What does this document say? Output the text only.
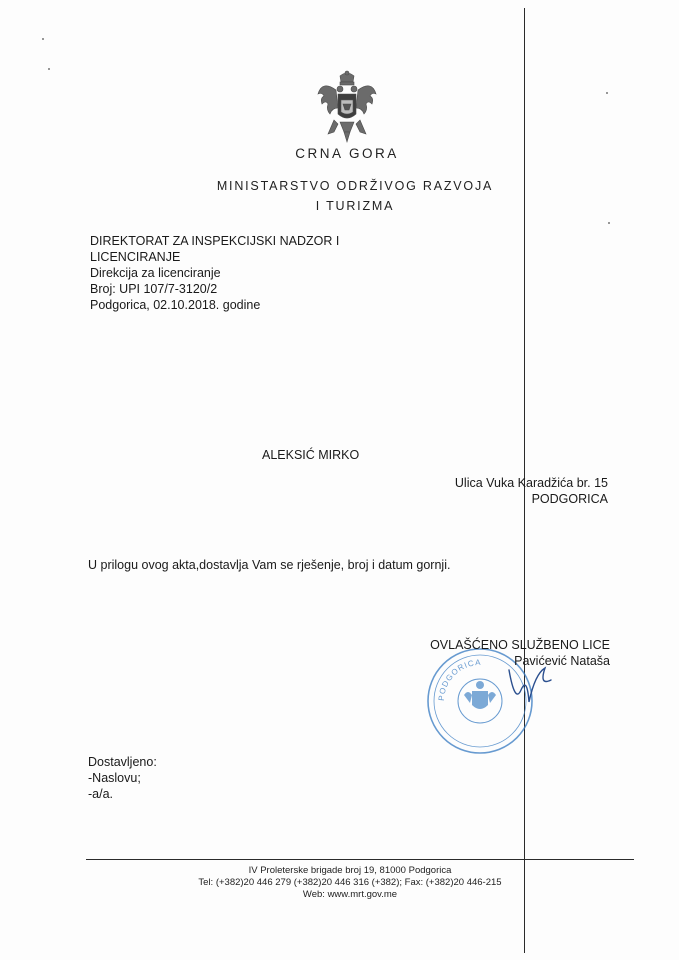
CRNA GORA
MINISTARSTVO ODRŽIVOG RAZVOJA
I TURIZMA
DIREKTORAT ZA INSPEKCIJSKI NADZOR I
LICENCIRANJE
Direkcija za licenciranje
Broj: UPI 107/7-3120/2
Podgorica, 02.10.2018. godine
ALEKSIĆ MIRKO
Ulica Vuka Karadžića br. 15
PODGORICA
U prilogu ovog akta,dostavlja Vam se rješenje, broj i datum gornji.
PODGORICA
OVLAŠĆENO SLUŽBENO LICE
Pavićević Nataša
Dostavljeno:
-Naslovu;
-a/a.
IV Proleterske brigade broj 19, 81000 Podgorica
Tel: (+382)20 446 279 (+382)20 446 316 (+382); Fax: (+382)20 446-215
Web: www.mrt.gov.me
